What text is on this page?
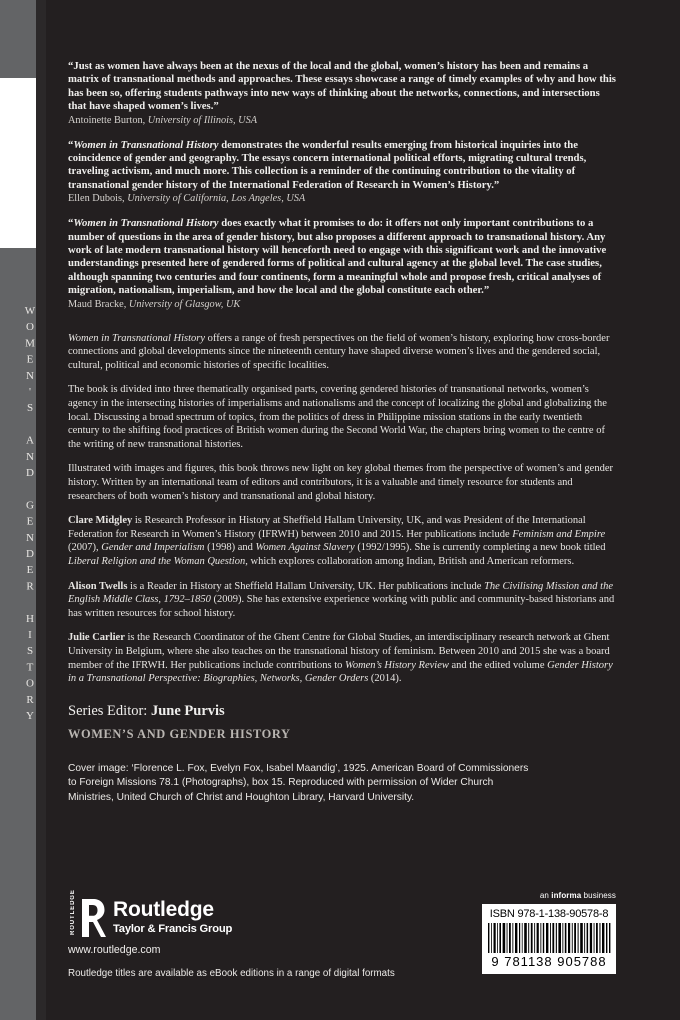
WOMEN'S AND GENDER HISTORY
“Just as women have always been at the nexus of the local and the global, women’s history has been and remains a matrix of transnational methods and approaches. These essays showcase a range of timely examples of why and how this has been so, offering students pathways into new ways of thinking about the networks, connections, and intersections that have shaped women’s lives.”
Antoinette Burton, University of Illinois, USA
“Women in Transnational History demonstrates the wonderful results emerging from historical inquiries into the coincidence of gender and geography. The essays concern international political efforts, migrating cultural trends, traveling activism, and much more. This collection is a reminder of the continuing contribution to the vitality of transnational gender history of the International Federation of Research in Women’s History.”
Ellen Dubois, University of California, Los Angeles, USA
“Women in Transnational History does exactly what it promises to do: it offers not only important contributions to a number of questions in the area of gender history, but also proposes a different approach to transnational history. Any work of late modern transnational history will henceforth need to engage with this significant work and the innovative understandings presented here of gendered forms of political and cultural agency at the global level. The case studies, although spanning two centuries and four continents, form a meaningful whole and propose fresh, critical analyses of migration, nationalism, imperialism, and how the local and the global constitute each other.”
Maud Bracke, University of Glasgow, UK
Women in Transnational History offers a range of fresh perspectives on the field of women’s history, exploring how cross-border connections and global developments since the nineteenth century have shaped diverse women’s lives and the gendered social, cultural, political and economic histories of specific localities.
The book is divided into three thematically organised parts, covering gendered histories of transnational networks, women’s agency in the intersecting histories of imperialisms and nationalisms and the concept of localizing the global and globalizing the local. Discussing a broad spectrum of topics, from the politics of dress in Philippine mission stations in the early twentieth century to the shifting food practices of British women during the Second World War, the chapters bring women to the centre of the writing of new transnational histories.
Illustrated with images and figures, this book throws new light on key global themes from the perspective of women’s and gender history. Written by an international team of editors and contributors, it is a valuable and timely resource for students and researchers of both women’s history and transnational and global history.
Clare Midgley is Research Professor in History at Sheffield Hallam University, UK, and was President of the International Federation for Research in Women’s History (IFRWH) between 2010 and 2015. Her publications include Feminism and Empire (2007), Gender and Imperialism (1998) and Women Against Slavery (1992/1995). She is currently completing a new book titled Liberal Religion and the Woman Question, which explores collaboration among Indian, British and American reformers.
Alison Twells is a Reader in History at Sheffield Hallam University, UK. Her publications include The Civilising Mission and the English Middle Class, 1792–1850 (2009). She has extensive experience working with public and community-based historians and has written resources for school history.
Julie Carlier is the Research Coordinator of the Ghent Centre for Global Studies, an interdisciplinary research network at Ghent University in Belgium, where she also teaches on the transnational history of feminism. Between 2010 and 2015 she was a board member of the IFRWH. Her publications include contributions to Women’s History Review and the edited volume Gender History in a Transnational Perspective: Biographies, Networks, Gender Orders (2014).
Series Editor: June Purvis
WOMEN’S AND GENDER HISTORY
Cover image: ‘Florence L. Fox, Evelyn Fox, Isabel Maandig’, 1925. American Board of Commissioners to Foreign Missions 78.1 (Photographs), box 15. Reproduced with permission of Wider Church Ministries, United Church of Christ and Houghton Library, Harvard University.
ROUTLEDGE Routledge
Taylor & Francis Group
www.routledge.com
Routledge titles are available as eBook editions in a range of digital formats
an informa business
ISBN 978-1-138-90578-8
9 781138 905788
